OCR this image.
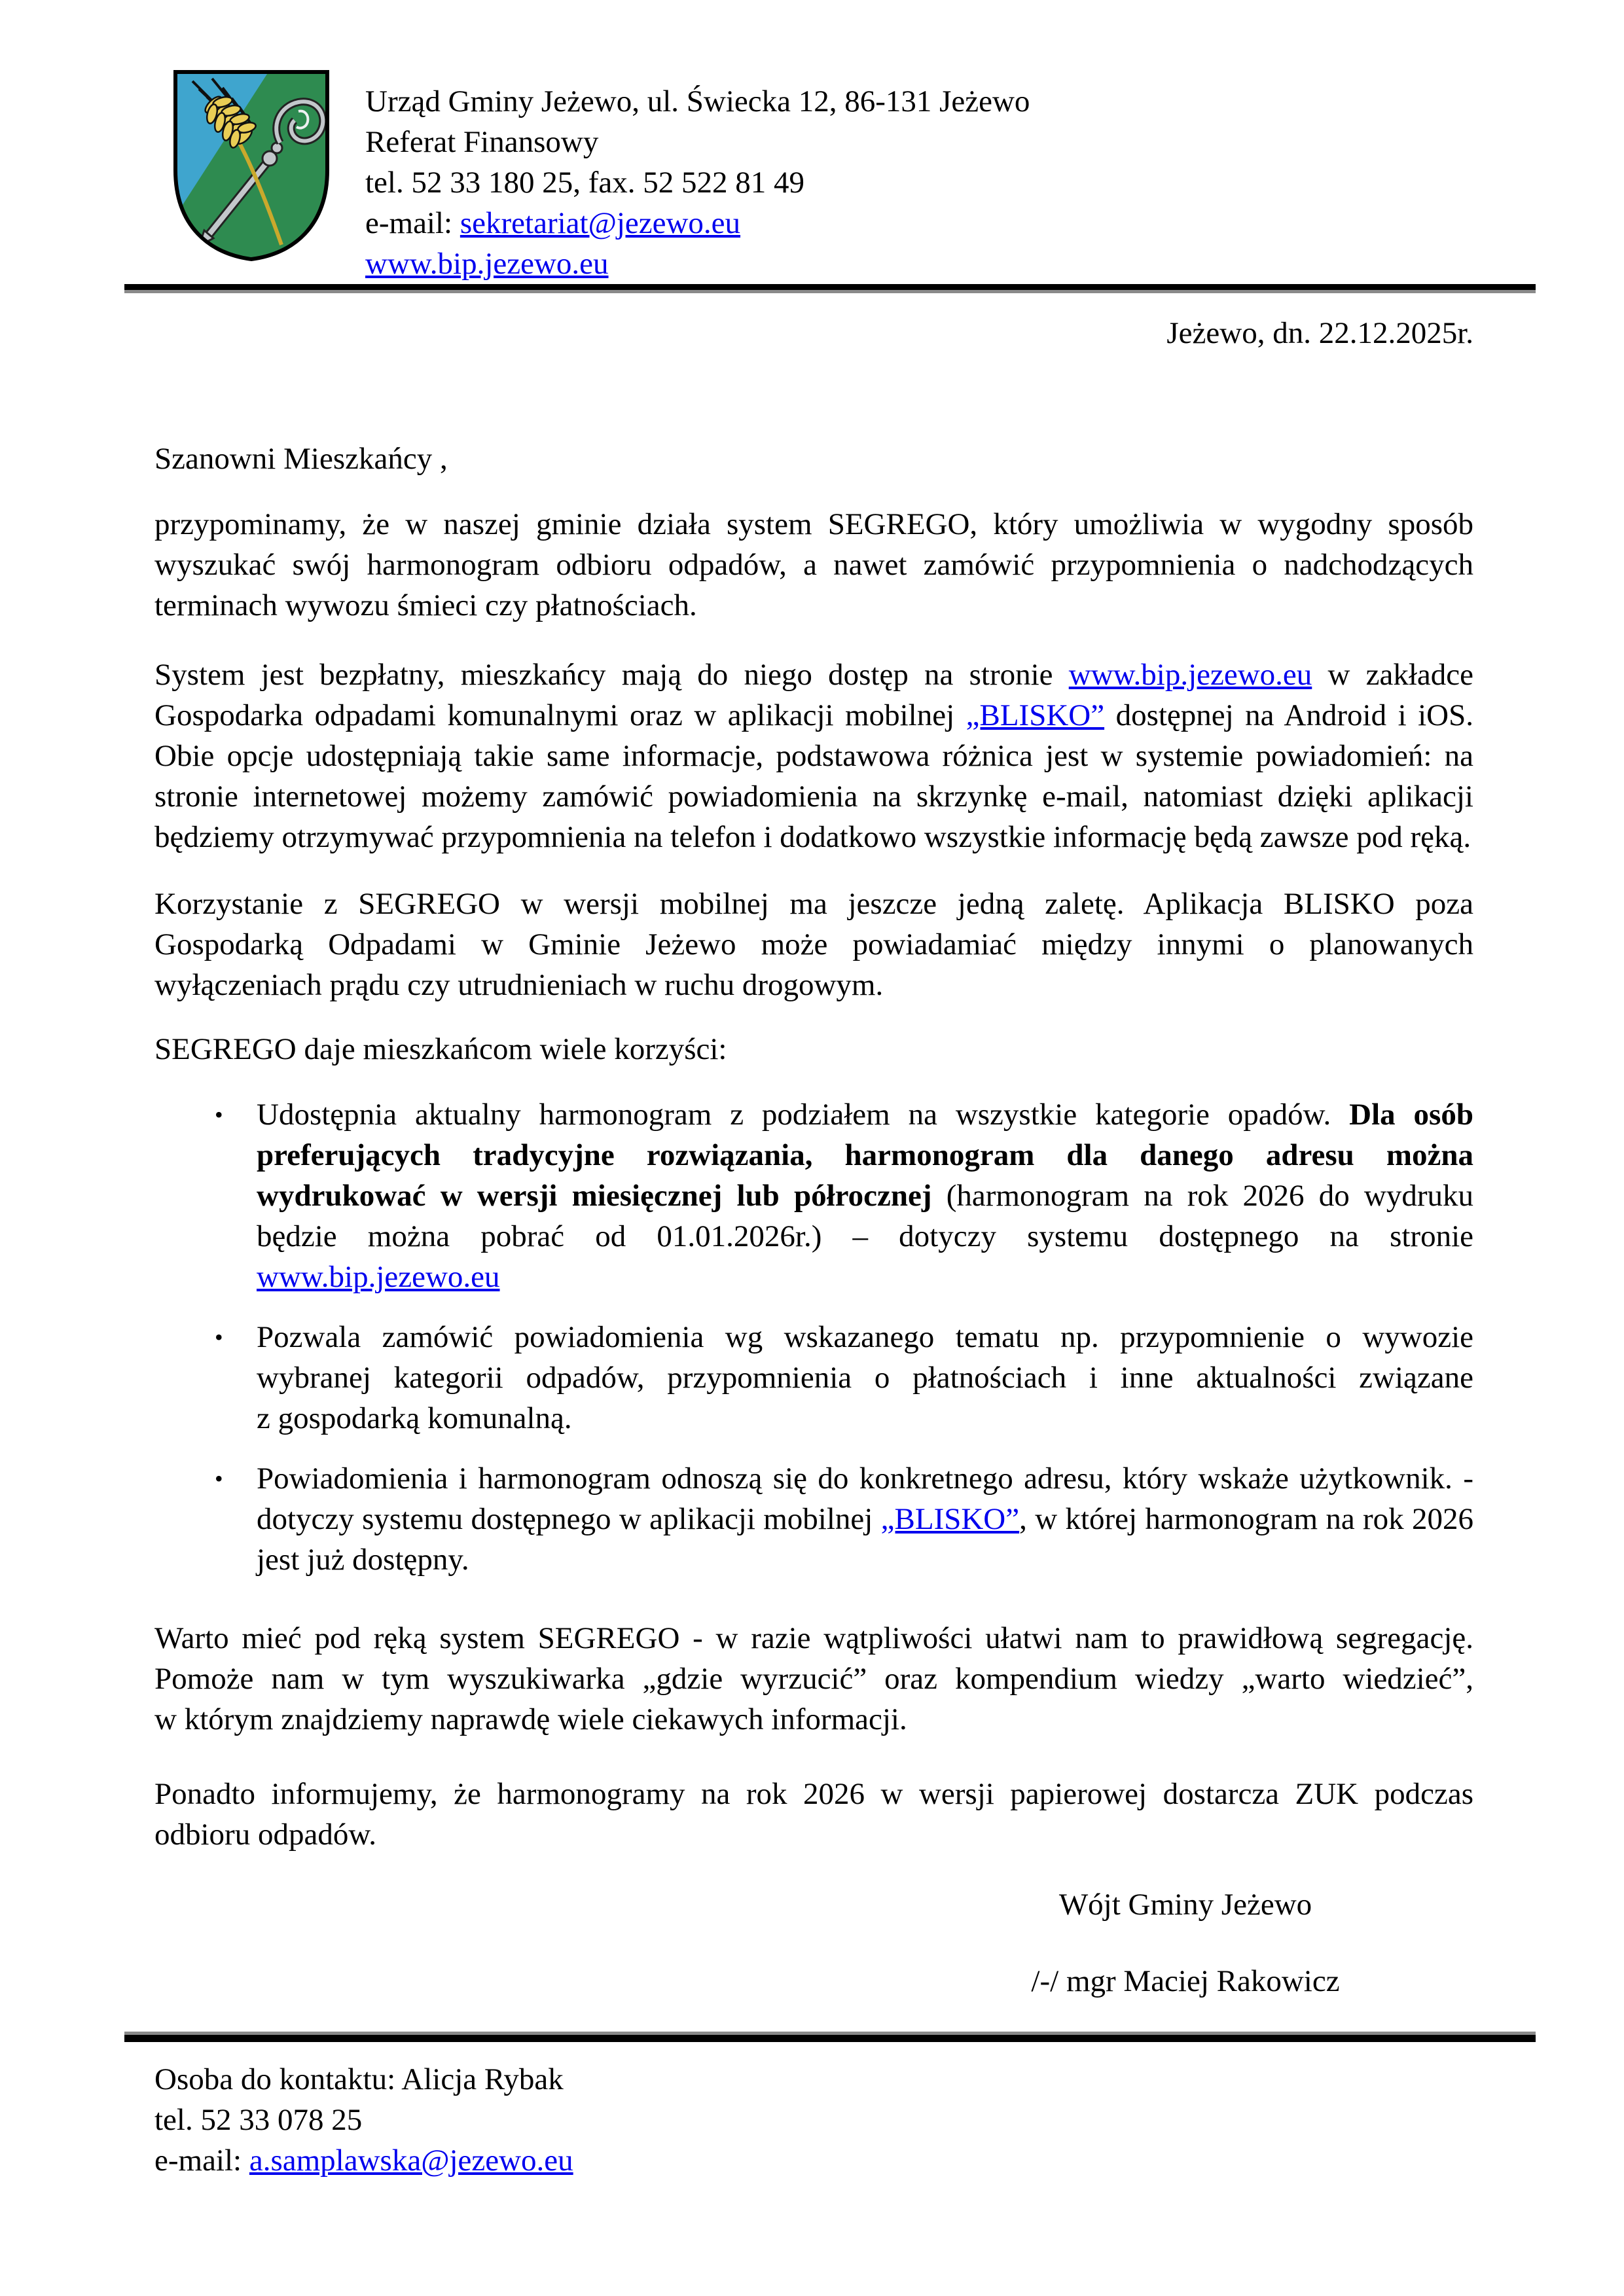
Urząd Gminy Jeżewo, ul. Świecka 12, 86-131 Jeżewo
Referat Finansowy
tel. 52 33 180 25, fax. 52 522 81 49
e-mail: sekretariat@jezewo.eu
www.bip.jezewo.eu
Jeżewo, dn. 22.12.2025r.
Szanowni Mieszkańcy ,

przypominamy, że w naszej gminie działa system SEGREGO, który umożliwia w wygodny sposób wyszukać swój harmonogram odbioru odpadów, a nawet zamówić przypomnienia o nadchodzących terminach wywozu śmieci czy płatnościach.

System jest bezpłatny, mieszkańcy mają do niego dostęp na stronie www.bip.jezewo.eu w zakładce Gospodarka odpadami komunalnymi oraz w aplikacji mobilnej „BLISKO” dostępnej na Android i iOS. Obie opcje udostępniają takie same informacje, podstawowa różnica jest w systemie powiadomień: na stronie internetowej możemy zamówić powiadomienia na skrzynkę e-mail, natomiast dzięki aplikacji będziemy otrzymywać przypomnienia na telefon i dodatkowo wszystkie informację będą zawsze pod ręką.

Korzystanie z SEGREGO w wersji mobilnej ma jeszcze jedną zaletę. Aplikacja BLISKO poza Gospodarką Odpadami w Gminie Jeżewo może powiadamiać między innymi o planowanych wyłączeniach prądu czy utrudnieniach w ruchu drogowym.

SEGREGO daje mieszkańcom wiele korzyści:
•	Udostępnia aktualny harmonogram z podziałem na wszystkie kategorie opadów. Dla osób preferujących tradycyjne rozwiązania, harmonogram dla danego adresu można wydrukować w wersji miesięcznej lub półrocznej (harmonogram na rok 2026 do wydruku będzie można pobrać od 01.01.2026r.) – dotyczy systemu dostępnego na stronie www.bip.jezewo.eu
•	Pozwala zamówić powiadomienia wg wskazanego tematu np. przypomnienie o wywozie wybranej kategorii odpadów, przypomnienia o płatnościach i inne aktualności związane z gospodarką komunalną.
•	Powiadomienia i harmonogram odnoszą się do konkretnego adresu, który wskaże użytkownik. - dotyczy systemu dostępnego w aplikacji mobilnej „BLISKO”, w której harmonogram na rok 2026 jest już dostępny.

Warto mieć pod ręką system SEGREGO - w razie wątpliwości ułatwi nam to prawidłową segregację. Pomoże nam w tym wyszukiwarka „gdzie wyrzucić” oraz kompendium wiedzy „warto wiedzieć”, w którym znajdziemy naprawdę wiele ciekawych informacji.

Ponadto informujemy, że harmonogramy na rok 2026 w wersji papierowej dostarcza ZUK podczas odbioru odpadów.

Wójt Gminy Jeżewo
/-/ mgr Maciej Rakowicz
Osoba do kontaktu: Alicja Rybak
tel. 52 33 078 25
e-mail: a.samplawska@jezewo.eu
